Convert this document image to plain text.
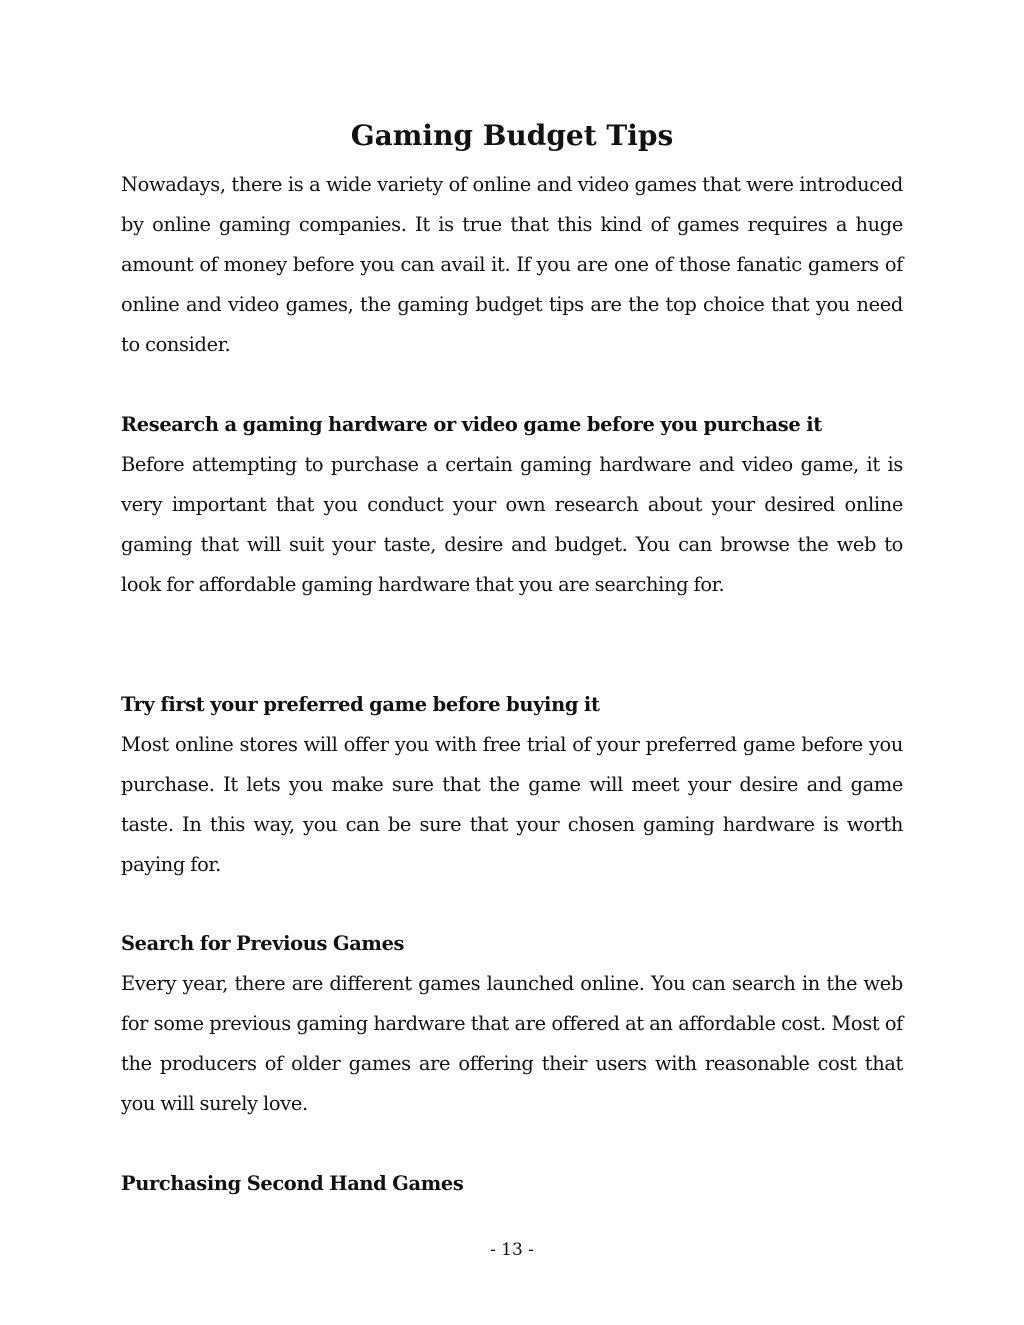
Gaming Budget Tips

Nowadays, there is a wide variety of online and video games that were introduced by online gaming companies. It is true that this kind of games requires a huge amount of money before you can avail it. If you are one of those fanatic gamers of online and video games, the gaming budget tips are the top choice that you need to consider.

Research a gaming hardware or video game before you purchase it

Before attempting to purchase a certain gaming hardware and video game, it is very important that you conduct your own research about your desired online gaming that will suit your taste, desire and budget. You can browse the web to look for affordable gaming hardware that you are searching for.

Try first your preferred game before buying it

Most online stores will offer you with free trial of your preferred game before you purchase. It lets you make sure that the game will meet your desire and game taste. In this way, you can be sure that your chosen gaming hardware is worth paying for.

Search for Previous Games

Every year, there are different games launched online. You can search in the web for some previous gaming hardware that are offered at an affordable cost. Most of the producers of older games are offering their users with reasonable cost that you will surely love.

Purchasing Second Hand Games

- 13 -
